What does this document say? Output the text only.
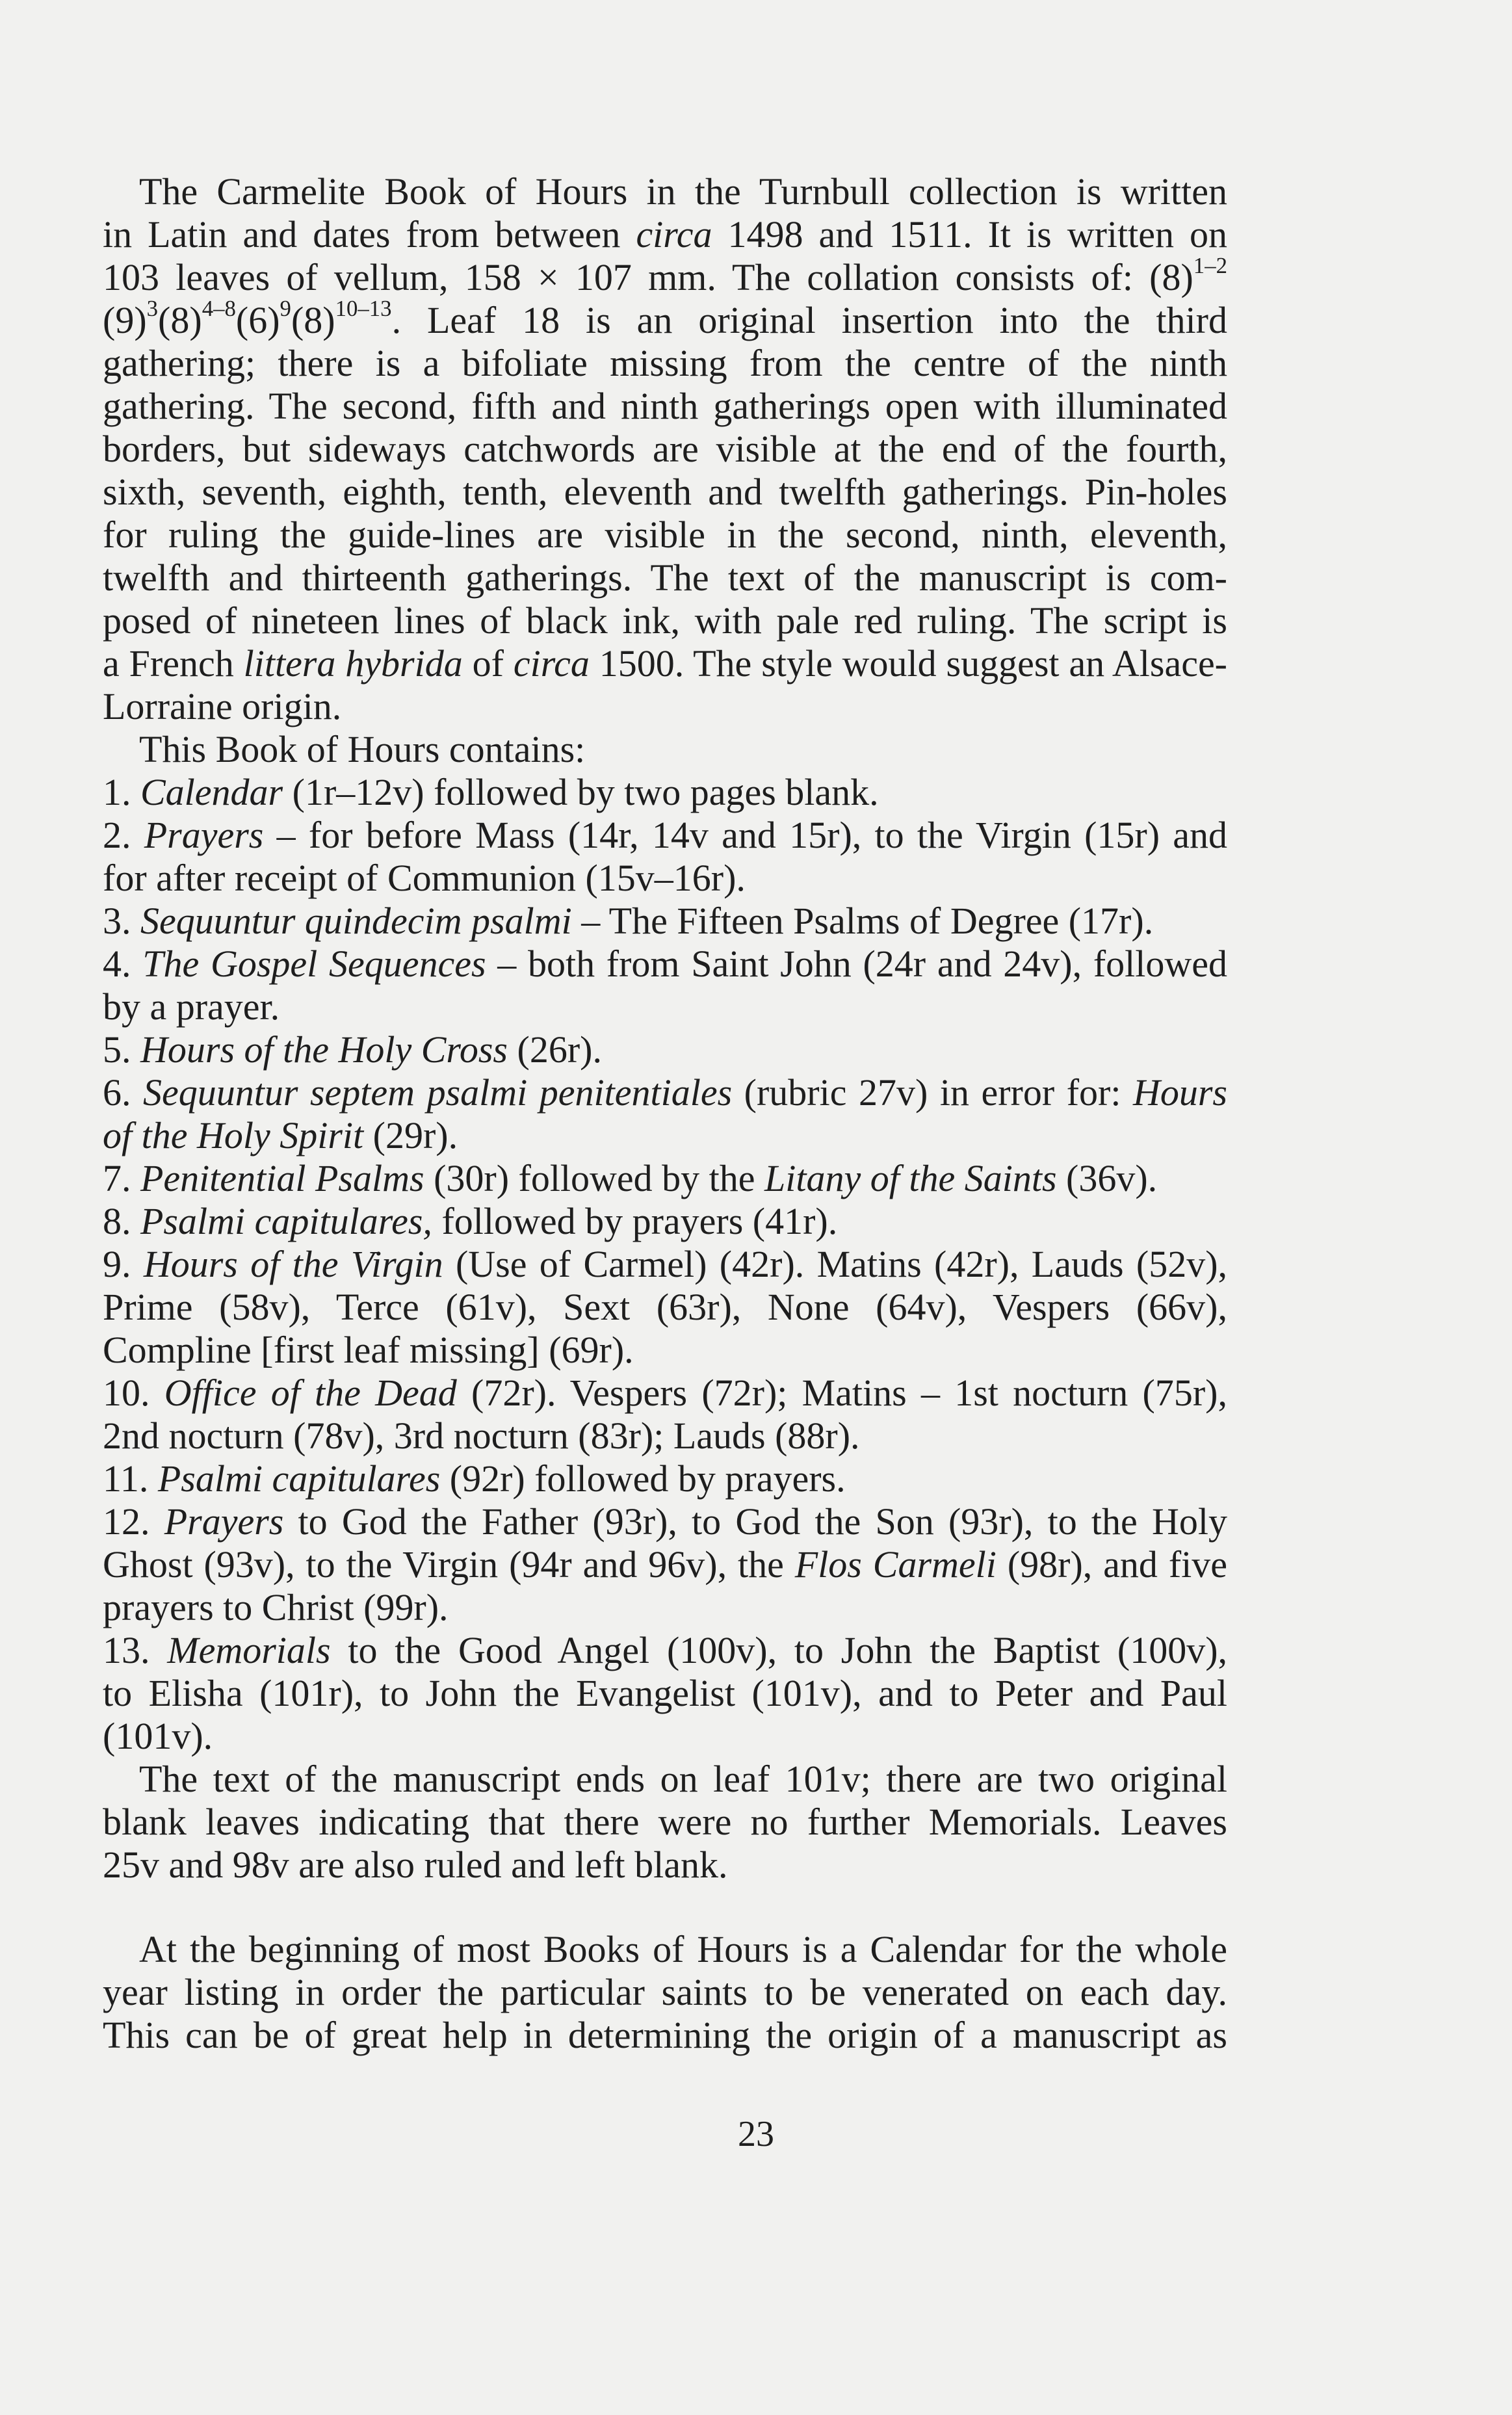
The Carmelite Book of Hours in the Turnbull collection is written
in Latin and dates from between circa 1498 and 1511. It is written on
103 leaves of vellum, 158 × 107 mm. The collation consists of: $(8)^{1-2}$
$(9)^3(8)^{4-8}(6)^9(8)^{10-13}$. Leaf 18 is an original insertion into the third
gathering; there is a bifoliate missing from the centre of the ninth
gathering. The second, fifth and ninth gatherings open with illuminated
borders, but sideways catchwords are visible at the end of the fourth,
sixth, seventh, eighth, tenth, eleventh and twelfth gatherings. Pin-holes
for ruling the guide-lines are visible in the second, ninth, eleventh,
twelfth and thirteenth gatherings. The text of the manuscript is com-
posed of nineteen lines of black ink, with pale red ruling. The script is
a French littera hybrida of circa 1500. The style would suggest an Alsace-
Lorraine origin.
This Book of Hours contains:
1. Calendar (1r–12v) followed by two pages blank.
2. Prayers – for before Mass (14r, 14v and 15r), to the Virgin (15r) and
for after receipt of Communion (15v–16r).
3. Sequuntur quindecim psalmi – The Fifteen Psalms of Degree (17r).
4. The Gospel Sequences – both from Saint John (24r and 24v), followed
by a prayer.
5. Hours of the Holy Cross (26r).
6. Sequuntur septem psalmi penitentiales (rubric 27v) in error for: Hours
of the Holy Spirit (29r).
7. Penitential Psalms (30r) followed by the Litany of the Saints (36v).
8. Psalmi capitulares, followed by prayers (41r).
9. Hours of the Virgin (Use of Carmel) (42r). Matins (42r), Lauds (52v),
Prime (58v), Terce (61v), Sext (63r), None (64v), Vespers (66v),
Compline [first leaf missing] (69r).
10. Office of the Dead (72r). Vespers (72r); Matins – 1st nocturn (75r),
2nd nocturn (78v), 3rd nocturn (83r); Lauds (88r).
11. Psalmi capitulares (92r) followed by prayers.
12. Prayers to God the Father (93r), to God the Son (93r), to the Holy
Ghost (93v), to the Virgin (94r and 96v), the Flos Carmeli (98r), and five
prayers to Christ (99r).
13. Memorials to the Good Angel (100v), to John the Baptist (100v),
to Elisha (101r), to John the Evangelist (101v), and to Peter and Paul
(101v).
The text of the manuscript ends on leaf 101v; there are two original
blank leaves indicating that there were no further Memorials. Leaves
25v and 98v are also ruled and left blank.
At the beginning of most Books of Hours is a Calendar for the whole
year listing in order the particular saints to be venerated on each day.
This can be of great help in determining the origin of a manuscript as
23
